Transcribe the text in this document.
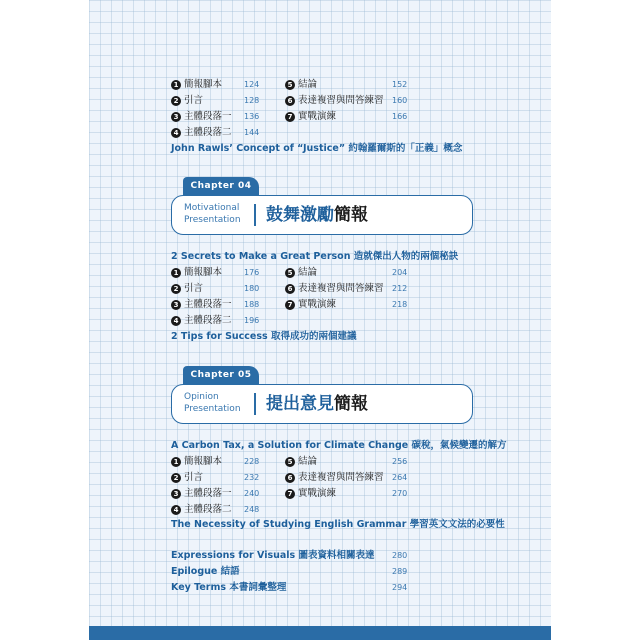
1 簡報腳本	124
2 引言	128
3 主體段落一 136
4 主體段落二 144
5 結論	152
6 表達複習與問答練習 160
7 實戰演練	166
John Rawls’ Concept of “Justice” 約翰羅爾斯的「正義」概念
Chapter 04
Motivational
Presentation 鼓舞激勵簡報
2 Secrets to Make a Great Person 造就傑出人物的兩個秘訣
1 簡報腳本	176
2 引言	180
3 主體段落一 188
4 主體段落二 196
5 結論	204
6 表達複習與問答練習 212
7 實戰演練	218
2 Tips for Success 取得成功的兩個建議
Chapter 05
Opinion
Presentation 提出意見簡報
A Carbon Tax, a Solution for Climate Change 碳稅，氣候變遷的解方
1 簡報腳本	228
2 引言	232
3 主體段落一 240
4 主體段落二 248
5 結論	256
6 表達複習與問答練習 264
7 實戰演練	270
The Necessity of Studying English Grammar 學習英文文法的必要性
Expressions for Visuals 圖表資料相關表達 280
Epilogue 結語	289
Key Terms 本書詞彙整理	294
